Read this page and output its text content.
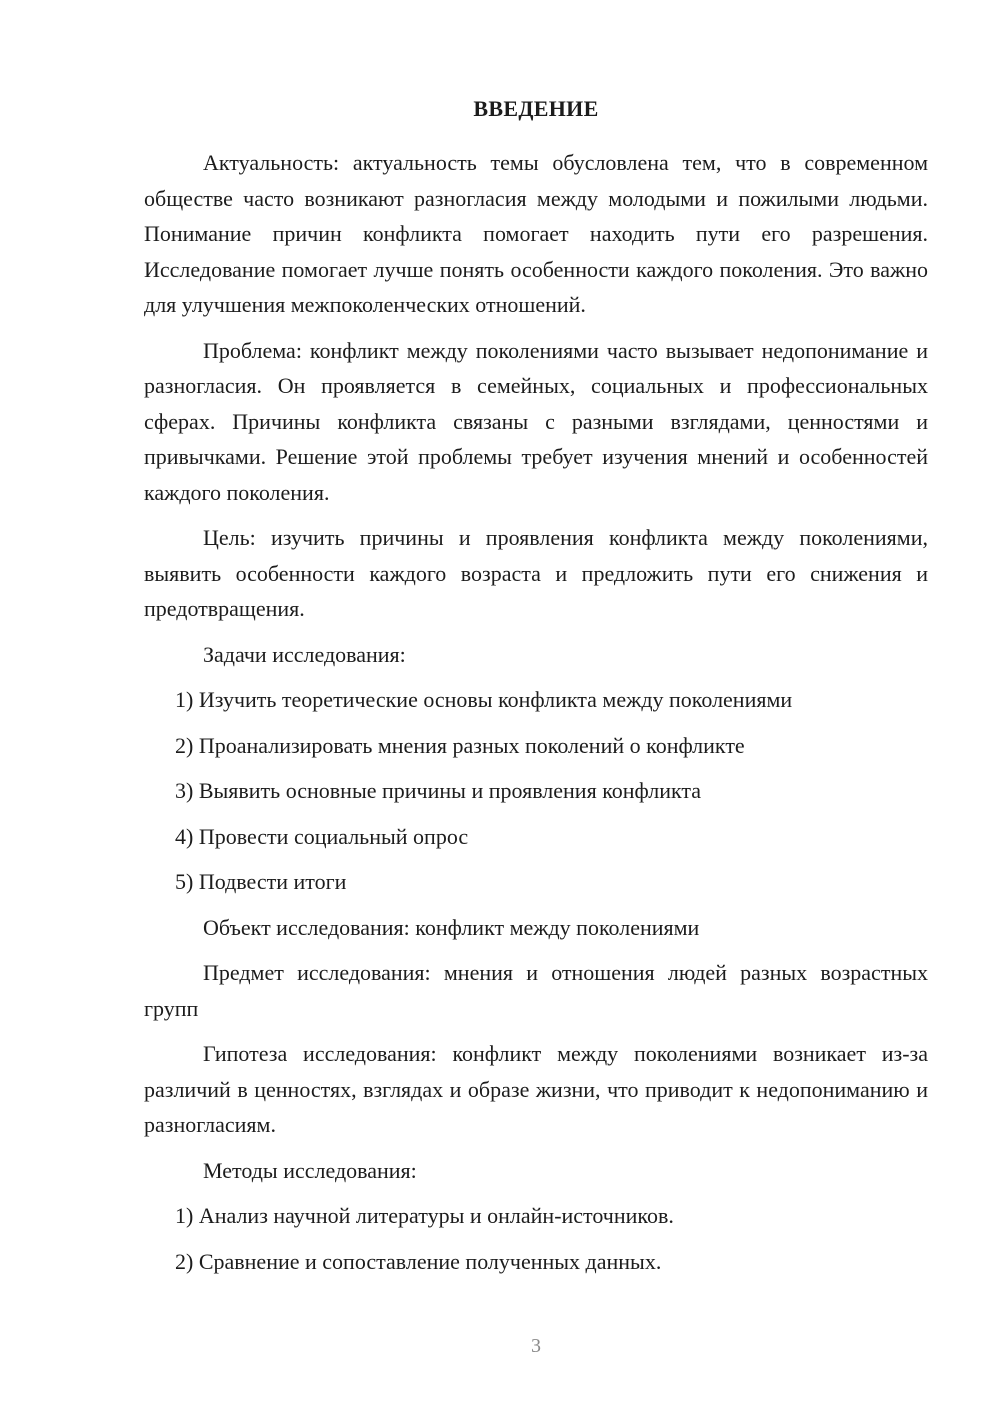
ВВЕДЕНИЕ

Актуальность: актуальность темы обусловлена тем, что в современном обществе часто возникают разногласия между молодыми и пожилыми людьми. Понимание причин конфликта помогает находить пути его разрешения. Исследование помогает лучше понять особенности каждого поколения. Это важно для улучшения межпоколенческих отношений.

Проблема: конфликт между поколениями часто вызывает недопонимание и разногласия. Он проявляется в семейных, социальных и профессиональных сферах. Причины конфликта связаны с разными взглядами, ценностями и привычками. Решение этой проблемы требует изучения мнений и особенностей каждого поколения.

Цель: изучить причины и проявления конфликта между поколениями, выявить особенности каждого возраста и предложить пути его снижения и предотвращения.

Задачи исследования:

1) Изучить теоретические основы конфликта между поколениями

2) Проанализировать мнения разных поколений о конфликте

3) Выявить основные причины и проявления конфликта

4) Провести социальный опрос

5) Подвести итоги

Объект исследования: конфликт между поколениями

Предмет исследования: мнения и отношения людей разных возрастных групп

Гипотеза исследования: конфликт между поколениями возникает из-за различий в ценностях, взглядах и образе жизни, что приводит к недопониманию и разногласиям.

Методы исследования:

1) Анализ научной литературы и онлайн-источников.

2) Сравнение и сопоставление полученных данных.

3
